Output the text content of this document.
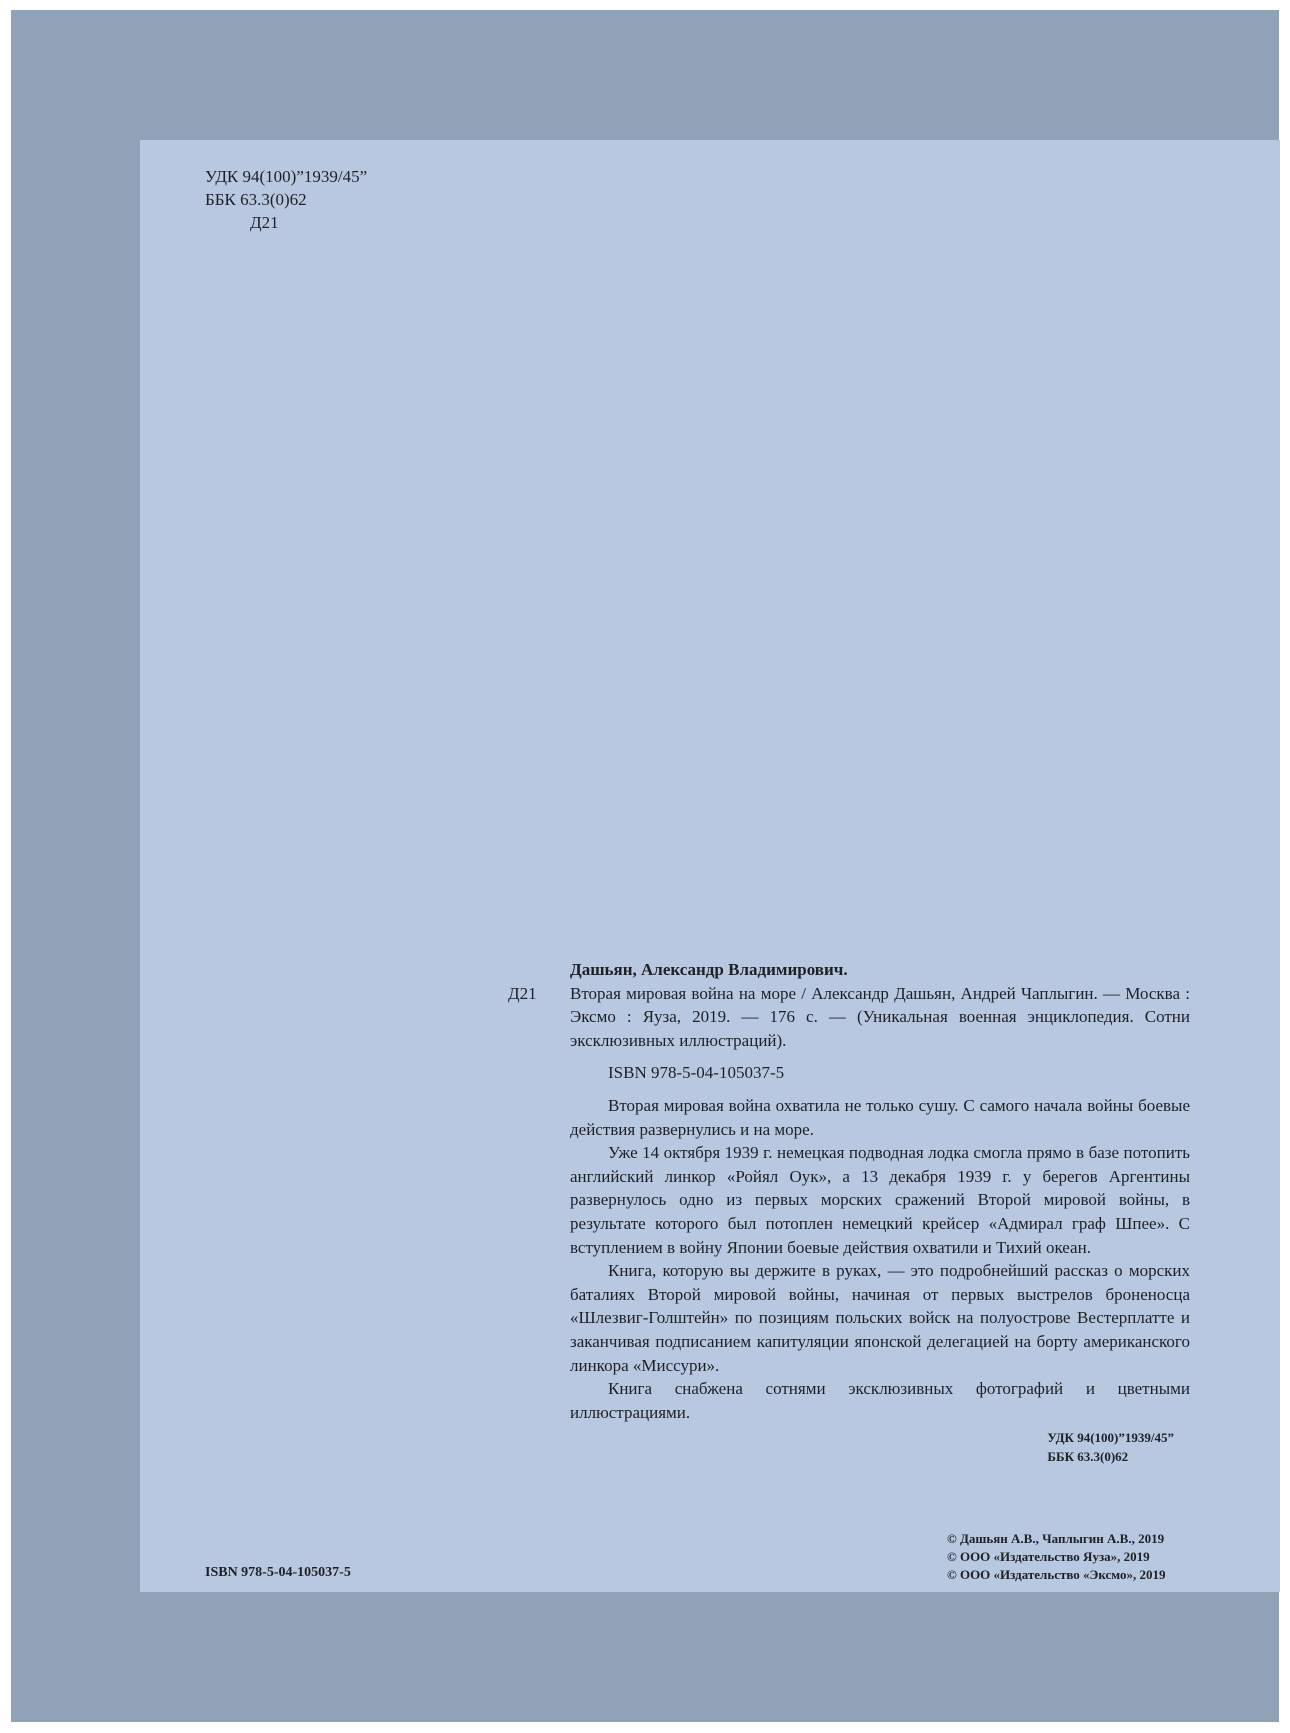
УДК 94(100)”1939/45”
ББК 63.3(0)62
Д21
Дашьян, Александр Владимирович.
Д21	Вторая мировая война на море / Александр Дашьян, Андрей Чаплыгин. — Москва : Эксмо : Яуза, 2019. — 176 с. — (Уникальная военная энциклопедия. Сотни эксклюзивных иллюстраций).
ISBN 978-5-04-105037-5

Вторая мировая война охватила не только сушу. С самого начала войны боевые действия развернулись и на море.

Уже 14 октября 1939 г. немецкая подводная лодка смогла прямо в базе потопить английский линкор «Ройял Оук», а 13 декабря 1939 г. у берегов Аргентины развернулось одно из первых морских сражений Второй мировой войны, в результате которого был потоплен немецкий крейсер «Адмирал граф Шпее». С вступлением в войну Японии боевые действия охватили и Тихий океан.

Книга, которую вы держите в руках, — это подробнейший рассказ о морских баталиях Второй мировой войны, начиная от первых выстрелов броненосца «Шлезвиг-Голштейн» по позициям польских войск на полуострове Вестерплатте и заканчивая подписанием капитуляции японской делегацией на борту американского линкора «Миссури».

Книга снабжена сотнями эксклюзивных фотографий и цветными иллюстрациями.

УДК 94(100)”1939/45”
ББК 63.3(0)62
ISBN 978-5-04-105037-5
© Дашьян А.В., Чаплыгин А.В., 2019
© ООО «Издательство Яуза», 2019
© ООО «Издательство «Эксмо», 2019
